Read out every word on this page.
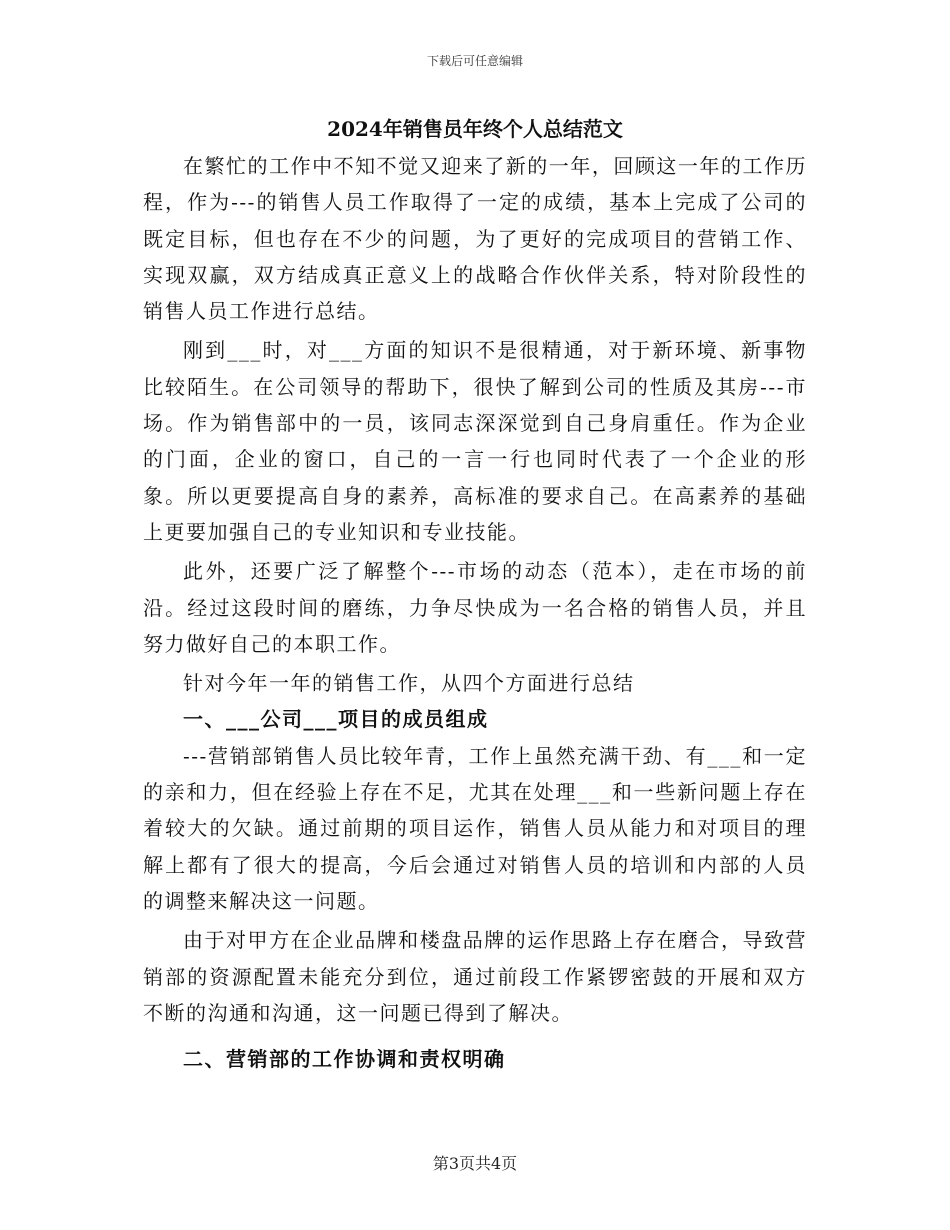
下载后可任意编辑
2024年销售员年终个人总结范文

在繁忙的工作中不知不觉又迎来了新的一年，回顾这一年的工作历程，作为---的销售人员工作取得了一定的成绩，基本上完成了公司的既定目标，但也存在不少的问题，为了更好的完成项目的营销工作、实现双赢，双方结成真正意义上的战略合作伙伴关系，特对阶段性的销售人员工作进行总结。

刚到___时，对___方面的知识不是很精通，对于新环境、新事物比较陌生。在公司领导的帮助下，很快了解到公司的性质及其房---市场。作为销售部中的一员，该同志深深觉到自己身肩重任。作为企业的门面，企业的窗口，自己的一言一行也同时代表了一个企业的形象。所以更要提高自身的素养，高标准的要求自己。在高素养的基础上更要加强自己的专业知识和专业技能。

此外，还要广泛了解整个---市场的动态（范本），走在市场的前沿。经过这段时间的磨练，力争尽快成为一名合格的销售人员，并且努力做好自己的本职工作。

针对今年一年的销售工作，从四个方面进行总结

一、___公司___项目的成员组成

---营销部销售人员比较年青，工作上虽然充满干劲、有___和一定的亲和力，但在经验上存在不足，尤其在处理___和一些新问题上存在着较大的欠缺。通过前期的项目运作，销售人员从能力和对项目的理解上都有了很大的提高，今后会通过对销售人员的培训和内部的人员的调整来解决这一问题。

由于对甲方在企业品牌和楼盘品牌的运作思路上存在磨合，导致营销部的资源配置未能充分到位，通过前段工作紧锣密鼓的开展和双方不断的沟通和沟通，这一问题已得到了解决。

二、营销部的工作协调和责权明确

第3页共4页
